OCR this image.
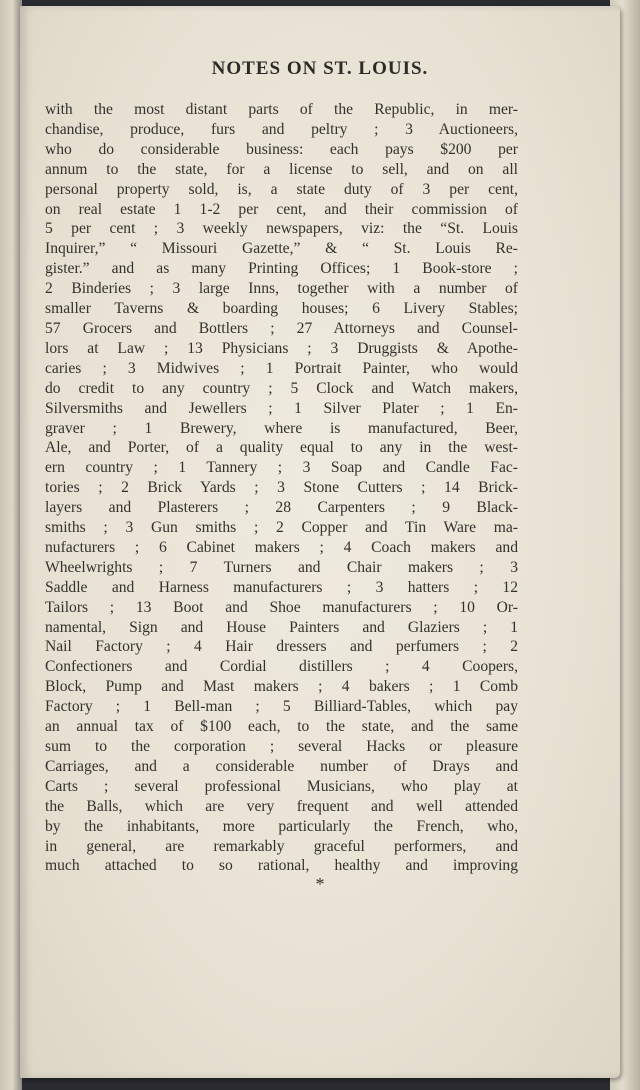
NOTES ON ST. LOUIS.
with the most distant parts of the Republic, in mer-
chandise, produce, furs and peltry ; 3 Auctioneers,
who do considerable business: each pays $200 per
annum to the state, for a license to sell, and on all
personal property sold, is, a state duty of 3 per cent,
on real estate 1 1-2 per cent, and their commission of
5 per cent ; 3 weekly newspapers, viz: the “St. Louis
Inquirer,” “ Missouri Gazette,” & “ St. Louis Re-
gister.” and as many Printing Offices; 1 Book-store ;
2 Binderies ; 3 large Inns, together with a number of
smaller Taverns & boarding houses; 6 Livery Stables;
57 Grocers and Bottlers ; 27 Attorneys and Counsel-
lors at Law ; 13 Physicians ; 3 Druggists & Apothe-
caries ; 3 Midwives ; 1 Portrait Painter, who would
do credit to any country ; 5 Clock and Watch makers,
Silversmiths and Jewellers ; 1 Silver Plater ; 1 En-
graver ; 1 Brewery, where is manufactured, Beer,
Ale, and Porter, of a quality equal to any in the west-
ern country ; 1 Tannery ; 3 Soap and Candle Fac-
tories ; 2 Brick Yards ; 3 Stone Cutters ; 14 Brick-
layers and Plasterers ; 28 Carpenters ; 9 Black-
smiths ; 3 Gun smiths ; 2 Copper and Tin Ware ma-
nufacturers ; 6 Cabinet makers ; 4 Coach makers and
Wheelwrights ; 7 Turners and Chair makers ; 3
Saddle and Harness manufacturers ; 3 hatters ; 12
Tailors ; 13 Boot and Shoe manufacturers ; 10 Or-
namental, Sign and House Painters and Glaziers ; 1
Nail Factory ; 4 Hair dressers and perfumers ; 2
Confectioners and Cordial distillers ; 4 Coopers,
Block, Pump and Mast makers ; 4 bakers ; 1 Comb
Factory ; 1 Bell-man ; 5 Billiard-Tables, which pay
an annual tax of $100 each, to the state, and the same
sum to the corporation ; several Hacks or pleasure
Carriages, and a considerable number of Drays and
Carts ; several professional Musicians, who play at
the Balls, which are very frequent and well attended
by the inhabitants, more particularly the French, who,
in general, are remarkably graceful performers, and
much attached to so rational, healthy and improving
*
